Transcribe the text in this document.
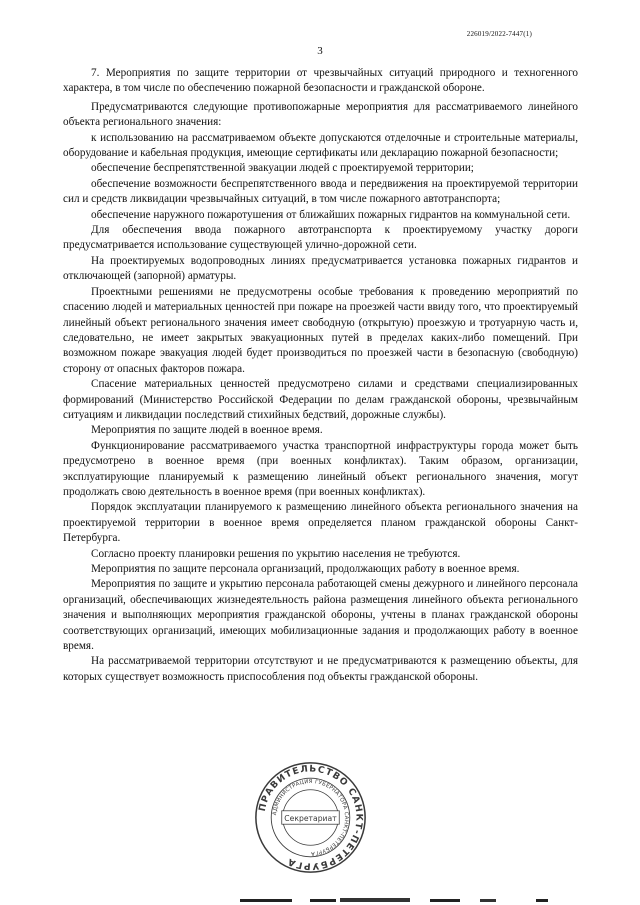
226019/2022-7447(1)
3

7. Мероприятия по защите территории от чрезвычайных ситуаций природного и техногенного характера, в том числе по обеспечению пожарной безопасности и гражданской обороне.

Предусматриваются следующие противопожарные мероприятия для рассматриваемого линейного объекта регионального значения:

к использованию на рассматриваемом объекте допускаются отделочные и строительные материалы, оборудование и кабельная продукция, имеющие сертификаты или декларацию пожарной безопасности;

обеспечение беспрепятственной эвакуации людей с проектируемой территории;

обеспечение возможности беспрепятственного ввода и передвижения на проектируемой территории сил и средств ликвидации чрезвычайных ситуаций, в том числе пожарного автотранспорта;

обеспечение наружного пожаротушения от ближайших пожарных гидрантов на коммунальной сети.

Для обеспечения ввода пожарного автотранспорта к проектируемому участку дороги предусматривается использование существующей улично-дорожной сети.

На проектируемых водопроводных линиях предусматривается установка пожарных гидрантов и отключающей (запорной) арматуры.

Проектными решениями не предусмотрены особые требования к проведению мероприятий по спасению людей и материальных ценностей при пожаре на проезжей части ввиду того, что проектируемый линейный объект регионального значения имеет свободную (открытую) проезжую и тротуарную часть и, следовательно, не имеет закрытых эвакуационных путей в пределах каких-либо помещений. При возможном пожаре эвакуация людей будет производиться по проезжей части в безопасную (свободную) сторону от опасных факторов пожара.

Спасение материальных ценностей предусмотрено силами и средствами специализированных формирований (Министерство Российской Федерации по делам гражданской обороны, чрезвычайным ситуациям и ликвидации последствий стихийных бедствий, дорожные службы).

Мероприятия по защите людей в военное время.

Функционирование рассматриваемого участка транспортной инфраструктуры города может быть предусмотрено в военное время (при военных конфликтах). Таким образом, организации, эксплуатирующие планируемый к размещению линейный объект регионального значения, могут продолжать свою деятельность в военное время (при военных конфликтах).

Порядок эксплуатации планируемого к размещению линейного объекта регионального значения на проектируемой территории в военное время определяется планом гражданской обороны Санкт-Петербурга.

Согласно проекту планировки решения по укрытию населения не требуются.

Мероприятия по защите персонала организаций, продолжающих работу в военное время.

Мероприятия по защите и укрытию персонала работающей смены дежурного и линейного персонала организаций, обеспечивающих жизнедеятельность района размещения линейного объекта регионального значения и выполняющих мероприятия гражданской обороны, учтены в планах гражданской обороны соответствующих организаций, имеющих мобилизационные задания и продолжающих работу в военное время.

На рассматриваемой территории отсутствуют и не предусматриваются к размещению объекты, для которых существует возможность приспособления под объекты гражданской обороны.

ПРАВИТЕЛЬСТВО САНКТ-ПЕТЕРБУРГА
АДМИНИСТРАЦИЯ ГУБЕРНАТОРА САНКТ-ПЕТЕРБУРГА
Секретариат
